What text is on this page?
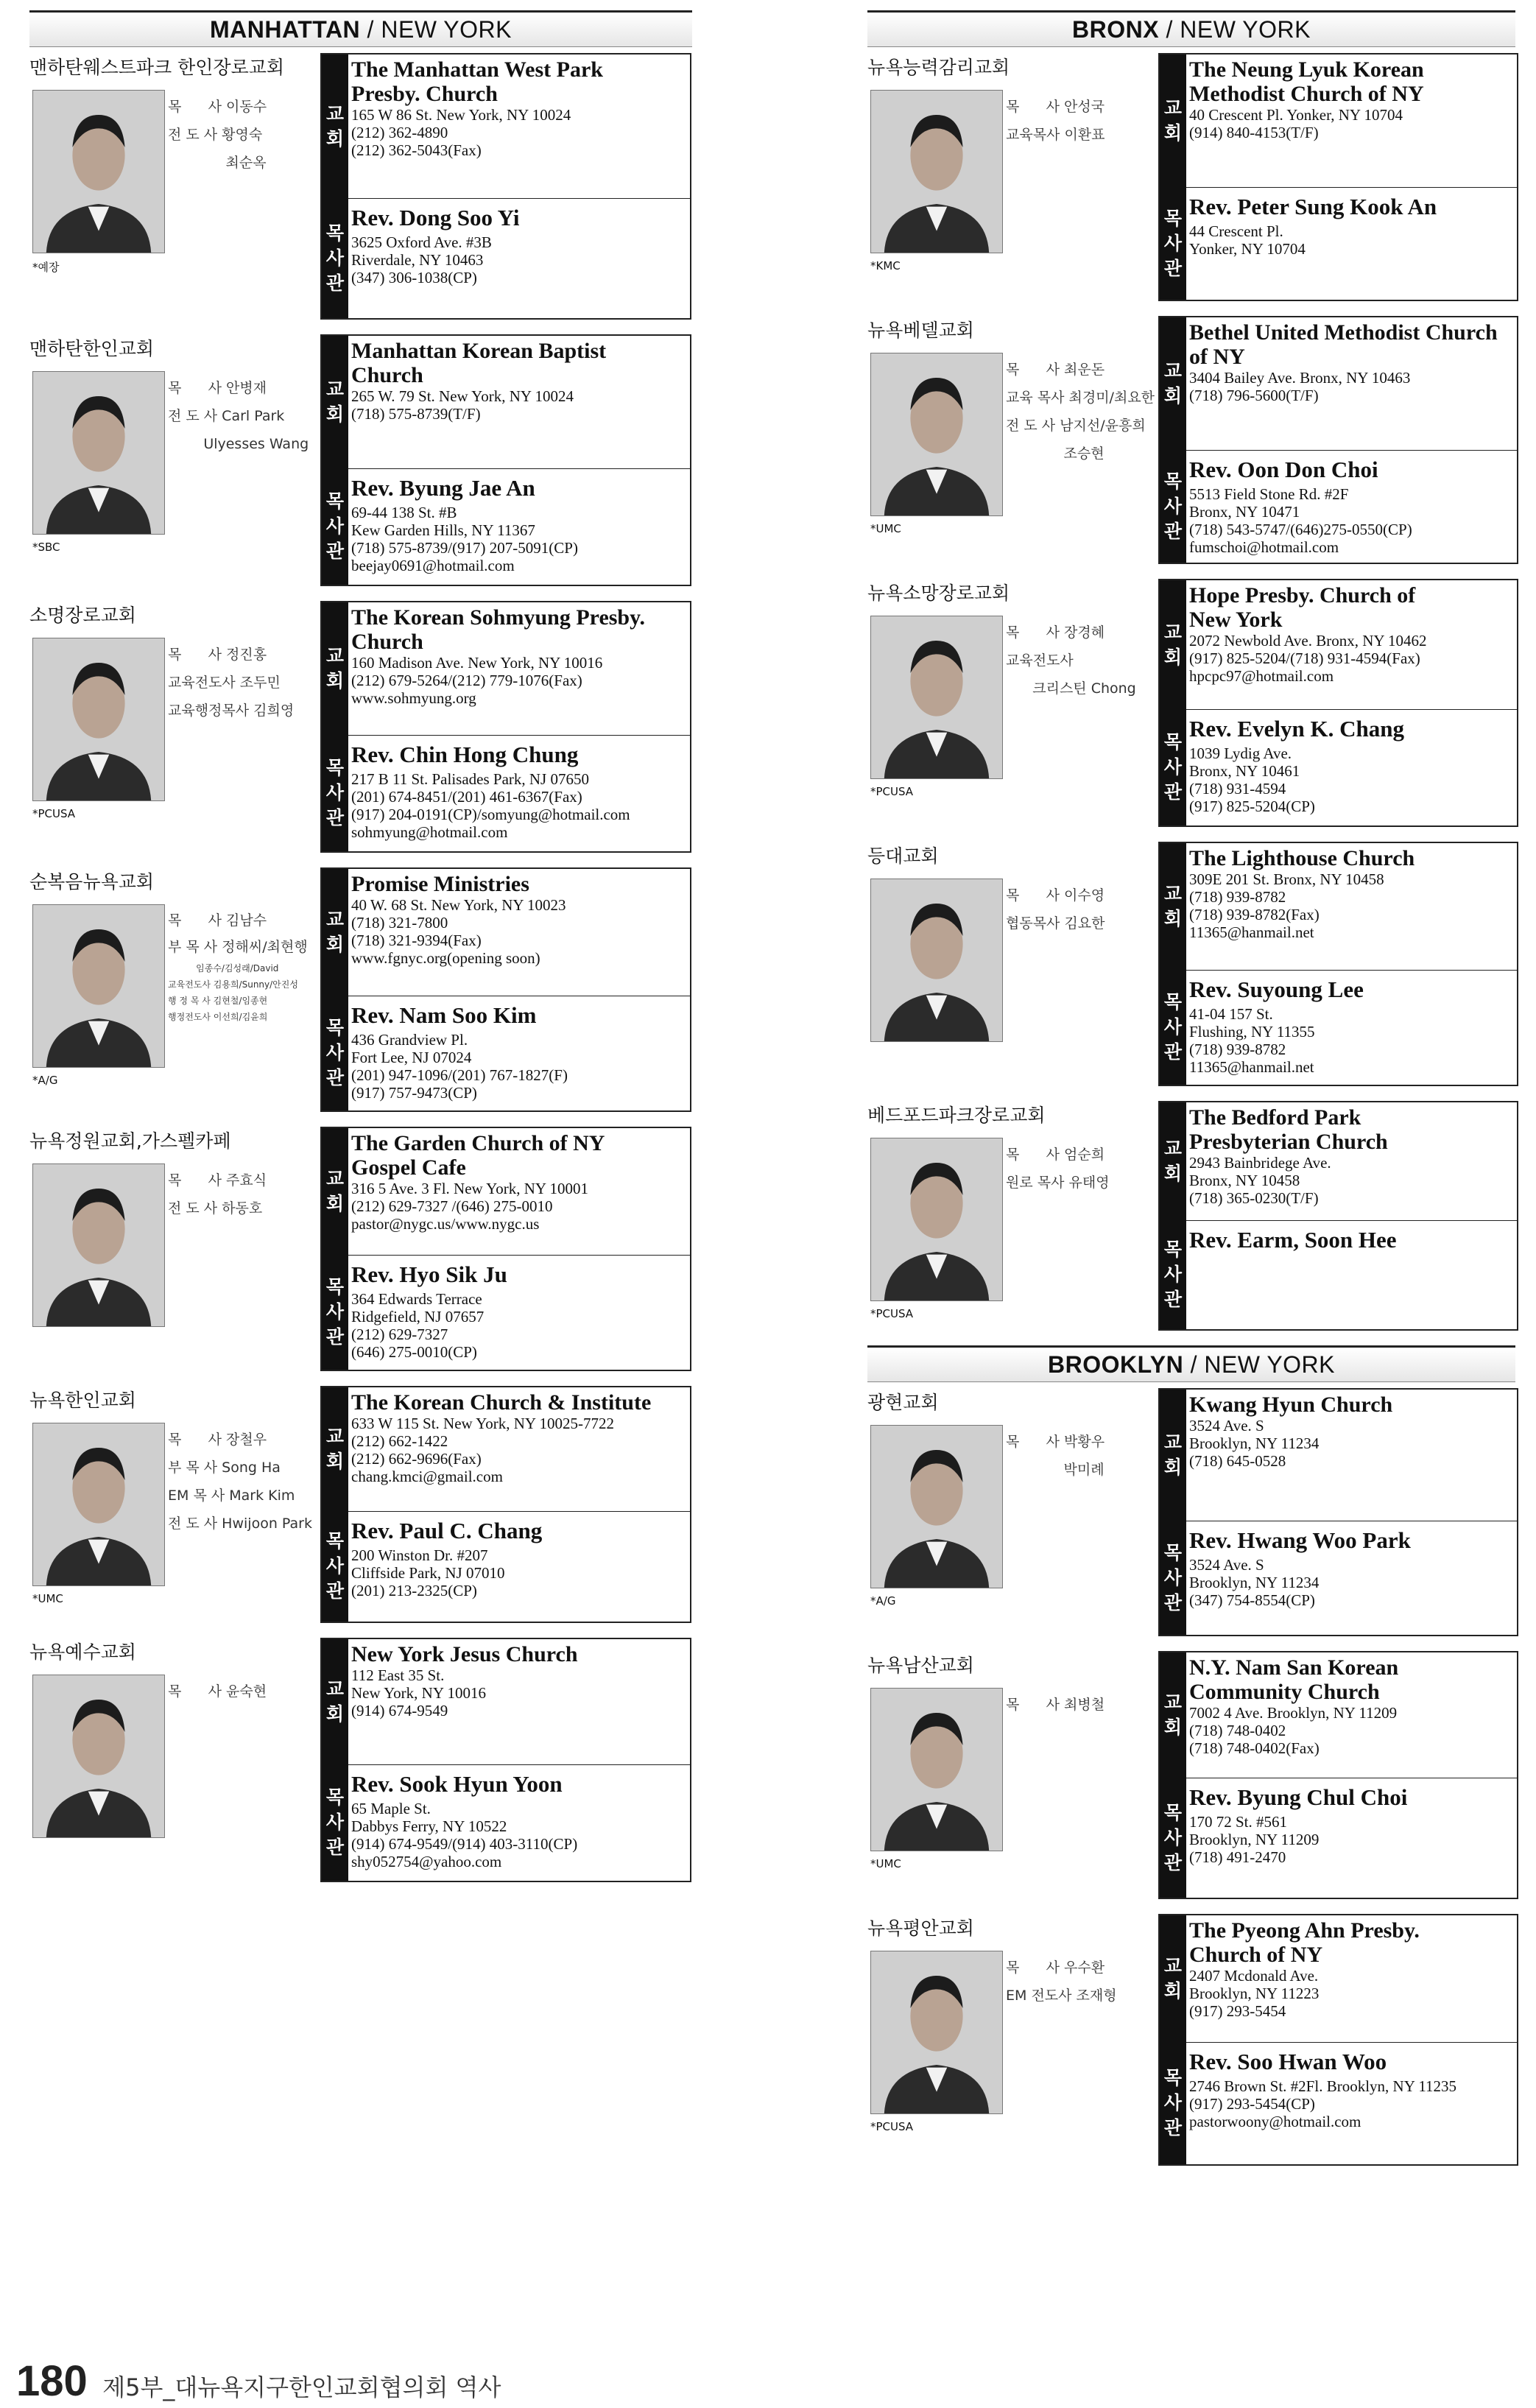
MANHATTAN / NEW YORK
맨하탄웨스트파크 한인장로교회
*예장
목      사 이동수
전 도 사 황영숙
최순옥
교
회
목
사
관
The Manhattan West Park
Presby. Church
165 W 86 St. New York, NY 10024
(212) 362-4890
(212) 362-5043(Fax)
Rev. Dong Soo Yi
3625 Oxford Ave. #3B
Riverdale, NY 10463
(347) 306-1038(CP)
맨하탄한인교회
*SBC
목      사 안병재
전 도 사 Carl Park
Ulyesses Wang
교
회
목
사
관
Manhattan Korean Baptist
Church
265 W. 79 St. New York, NY 10024
(718) 575-8739(T/F)
Rev. Byung Jae An
69-44 138 St. #B
Kew Garden Hills, NY 11367
(718) 575-8739/(917) 207-5091(CP)
beejay0691@hotmail.com
소명장로교회
*PCUSA
목      사 정진홍
교육전도사 조두민
교육행정목사 김희영
교
회
목
사
관
The Korean Sohmyung Presby.
Church
160 Madison Ave. New York, NY 10016
(212) 679-5264/(212) 779-1076(Fax)
www.sohmyung.org
Rev. Chin Hong Chung
217 B 11 St. Palisades Park, NJ 07650
(201) 674-8451/(201) 461-6367(Fax)
(917) 204-0191(CP)/somyung@hotmail.com
sohmyung@hotmail.com
순복음뉴욕교회
*A/G
목      사 김남수
부 목 사 정해씨/최현행
임종수/김성래/David
교육전도사 김용희/Sunny/안진성
행 정 목 사 김현철/임종현
행정전도사 이선희/김윤희
교
회
목
사
관
Promise Ministries
40 W. 68 St. New York, NY 10023
(718) 321-7800
(718) 321-9394(Fax)
www.fgnyc.org(opening soon)
Rev. Nam Soo Kim
436 Grandview Pl.
Fort Lee, NJ 07024
(201) 947-1096/(201) 767-1827(F)
(917) 757-9473(CP)
뉴욕정원교회,가스펠카페
목      사 주효식
전 도 사 하동호
교
회
목
사
관
The Garden Church of NY
Gospel Cafe
316 5 Ave. 3 Fl. New York, NY 10001
(212) 629-7327 /(646) 275-0010
pastor@nygc.us/www.nygc.us
Rev. Hyo Sik Ju
364 Edwards Terrace
Ridgefield, NJ 07657
(212) 629-7327
(646) 275-0010(CP)
뉴욕한인교회
*UMC
목      사 장철우
부 목 사 Song Ha
EM 목 사 Mark Kim
전 도 사 Hwijoon Park
교
회
목
사
관
The Korean Church & Institute
633 W 115 St. New York, NY 10025-7722
(212) 662-1422
(212) 662-9696(Fax)
chang.kmci@gmail.com
Rev. Paul C. Chang
200 Winston Dr. #207
Cliffside Park, NJ 07010
(201) 213-2325(CP)
뉴욕예수교회
목      사 윤숙현	교
회
목
사
관
New York Jesus Church
112 East 35 St.
New York, NY 10016
(914) 674-9549
Rev. Sook Hyun Yoon
65 Maple St.
Dabbys Ferry, NY 10522
(914) 674-9549/(914) 403-3110(CP)
shy052754@yahoo.com
BRONX / NEW YORK
뉴욕능력감리교회
*KMC
목      사 안성국
교육목사 이환표
교
회
목
사
관
The Neung Lyuk Korean
Methodist Church of NY
40 Crescent Pl. Yonker, NY 10704
(914) 840-4153(T/F)
Rev. Peter Sung Kook An
44 Crescent Pl.
Yonker, NY 10704
뉴욕베델교회
*UMC
목      사 최운돈
교육 목사 최경미/최요한
전 도 사 남지선/윤흥희
조승현
교
회
목
사
관
Bethel United Methodist Church
of NY
3404 Bailey Ave. Bronx, NY 10463
(718) 796-5600(T/F)
Rev. Oon Don Choi
5513 Field Stone Rd. #2F
Bronx, NY 10471
(718) 543-5747/(646)275-0550(CP)
fumschoi@hotmail.com
뉴욕소망장로교회
*PCUSA
목      사 장경혜
교육전도사
크리스틴 Chong
교
회
목
사
관
Hope Presby. Church of
New York
2072 Newbold Ave. Bronx, NY 10462
(917) 825-5204/(718) 931-4594(Fax)
hpcpc97@hotmail.com
Rev. Evelyn K. Chang
1039 Lydig Ave.
Bronx, NY 10461
(718) 931-4594
(917) 825-5204(CP)
등대교회
목      사 이수영
협동목사 김요한
교
회
목
사
관
The Lighthouse Church
309E 201 St. Bronx, NY 10458
(718) 939-8782
(718) 939-8782(Fax)
11365@hanmail.net
Rev. Suyoung Lee
41-04 157 St.
Flushing, NY 11355
(718) 939-8782
11365@hanmail.net
베드포드파크장로교회
*PCUSA
목      사 엄순희
원로 목사 유태영
교
회
목
사
관
The Bedford Park
Presbyterian Church
2943 Bainbridege Ave.
Bronx, NY 10458
(718) 365-0230(T/F)
Rev. Earm, Soon Hee
BROOKLYN / NEW YORK
광현교회
*A/G
목      사 박황우
박미례
교
회
목
사
관
Kwang Hyun Church
3524 Ave. S
Brooklyn, NY 11234
(718) 645-0528
Rev. Hwang Woo Park
3524 Ave. S
Brooklyn, NY 11234
(347) 754-8554(CP)
뉴욕남산교회
*UMC
목      사 최병철	교
회
목
사
관
N.Y. Nam San Korean
Community Church
7002 4 Ave. Brooklyn, NY 11209
(718) 748-0402
(718) 748-0402(Fax)
Rev. Byung Chul Choi
170 72 St. #561
Brooklyn, NY 11209
(718) 491-2470
뉴욕평안교회
*PCUSA
목      사 우수환
EM 전도사 조재형
교
회
목
사
관
The Pyeong Ahn Presby.
Church of NY
2407 Mcdonald Ave.
Brooklyn, NY 11223
(917) 293-5454
Rev. Soo Hwan Woo
2746 Brown St. #2Fl. Brooklyn, NY 11235
(917) 293-5454(CP)
pastorwoony@hotmail.com
180 제5부_대뉴욕지구한인교회협의회 역사
